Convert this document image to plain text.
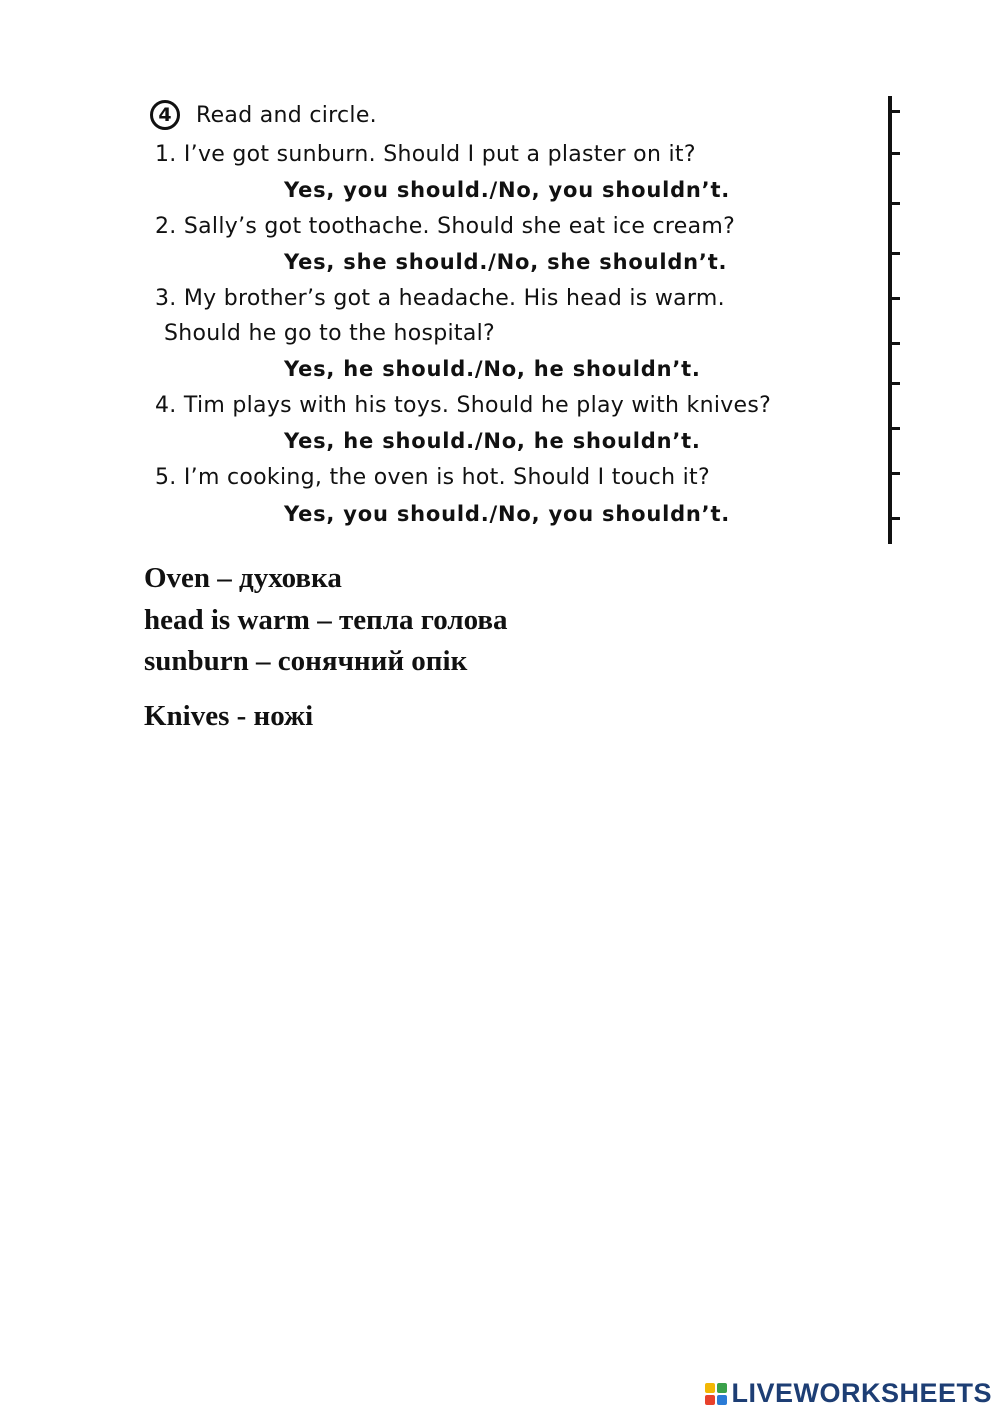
4	Read and circle.
1. I’ve got sunburn. Should I put a plaster on it?
Yes, you should./No, you shouldn’t.
2. Sally’s got toothache. Should she eat ice cream?
Yes, she should./No, she shouldn’t.
3. My brother’s got a headache. His head is warm.
Should he go to the hospital?
Yes, he should./No, he shouldn’t.
4. Tim plays with his toys. Should he play with knives?
Yes, he should./No, he shouldn’t.
5. I’m cooking, the oven is hot. Should I touch it?
Yes, you should./No, you shouldn’t.
Oven – духовка
head is warm – тепла голова
sunburn – сонячний опік
Knives - ножі
LIVEWORKSHEETS
